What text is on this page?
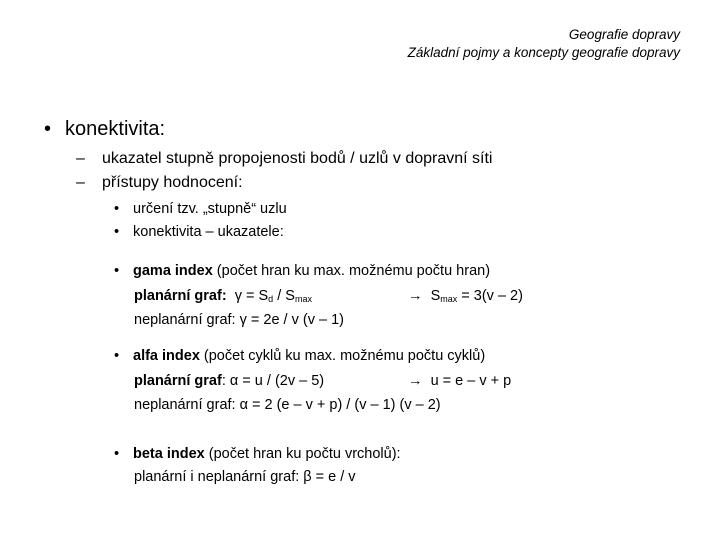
Geografie dopravy
Základní pojmy a koncepty geografie dopravy
• konektivita:
– ukazatel stupně propojenosti bodů / uzlů v dopravní síti
– přístupy hodnocení:
• určení tzv. „stupně“ uzlu
• konektivita – ukazatele:
• gama index (počet hran ku max. možnému počtu hran)
planární graf: $\gamma = S_d / S_{max}$	→ $S_{max} = 3(v - 2)$
neplanární graf: γ = 2e / v (v – 1)
• alfa index (počet cyklů ku max. možnému počtu cyklů)
planární graf: α = u / (2v – 5)	→ u = e – v + p
neplanární graf: α = 2 (e – v + p) / (v – 1) (v – 2)
• beta index (počet hran ku počtu vrcholů):
planární i neplanární graf: β = e / v
